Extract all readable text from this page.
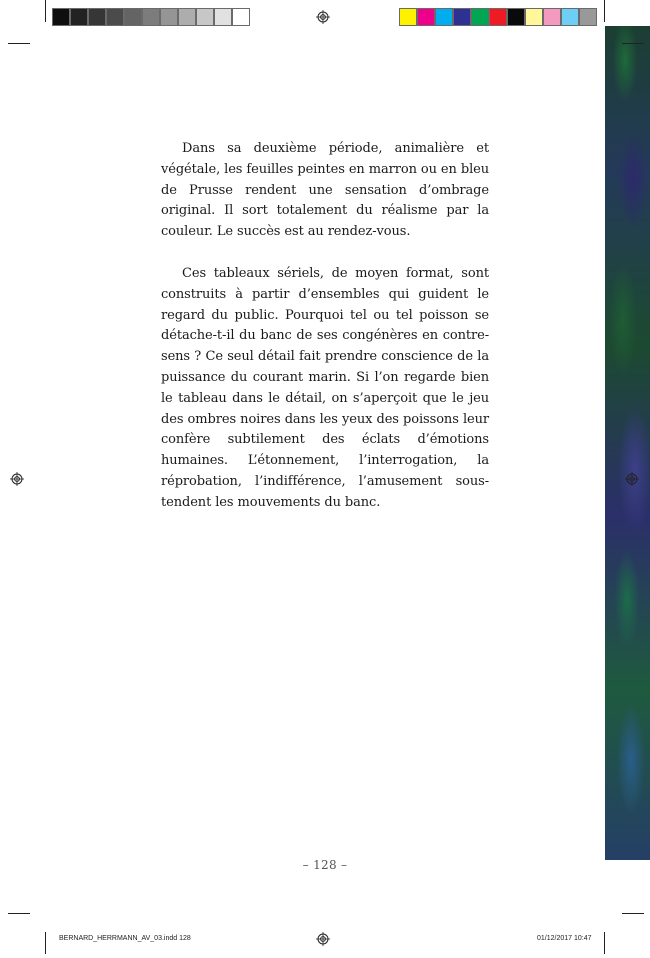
Dans sa deuxième période, animalière et végétale, les feuilles peintes en marron ou en bleu de Prusse rendent une sensation d’ombrage original. Il sort totalement du réalisme par la couleur. Le succès est au rendez-vous.

Ces tableaux sériels, de moyen format, sont construits à partir d’ensembles qui guident le regard du public. Pourquoi tel ou tel poisson se détache-t-il du banc de ses congénères en contre-sens ? Ce seul détail fait prendre conscience de la puissance du courant marin. Si l’on regarde bien le tableau dans le détail, on s’aperçoit que le jeu des ombres noires dans les yeux des poissons leur confère subtilement des éclats d’émotions humaines. L’étonnement, l’interrogation, la réprobation, l’indifférence, l’amusement sous-tendent les mouvements du banc.

– 128 –
BERNARD_HERRMANN_AV_03.indd 128	01/12/2017 10:47
